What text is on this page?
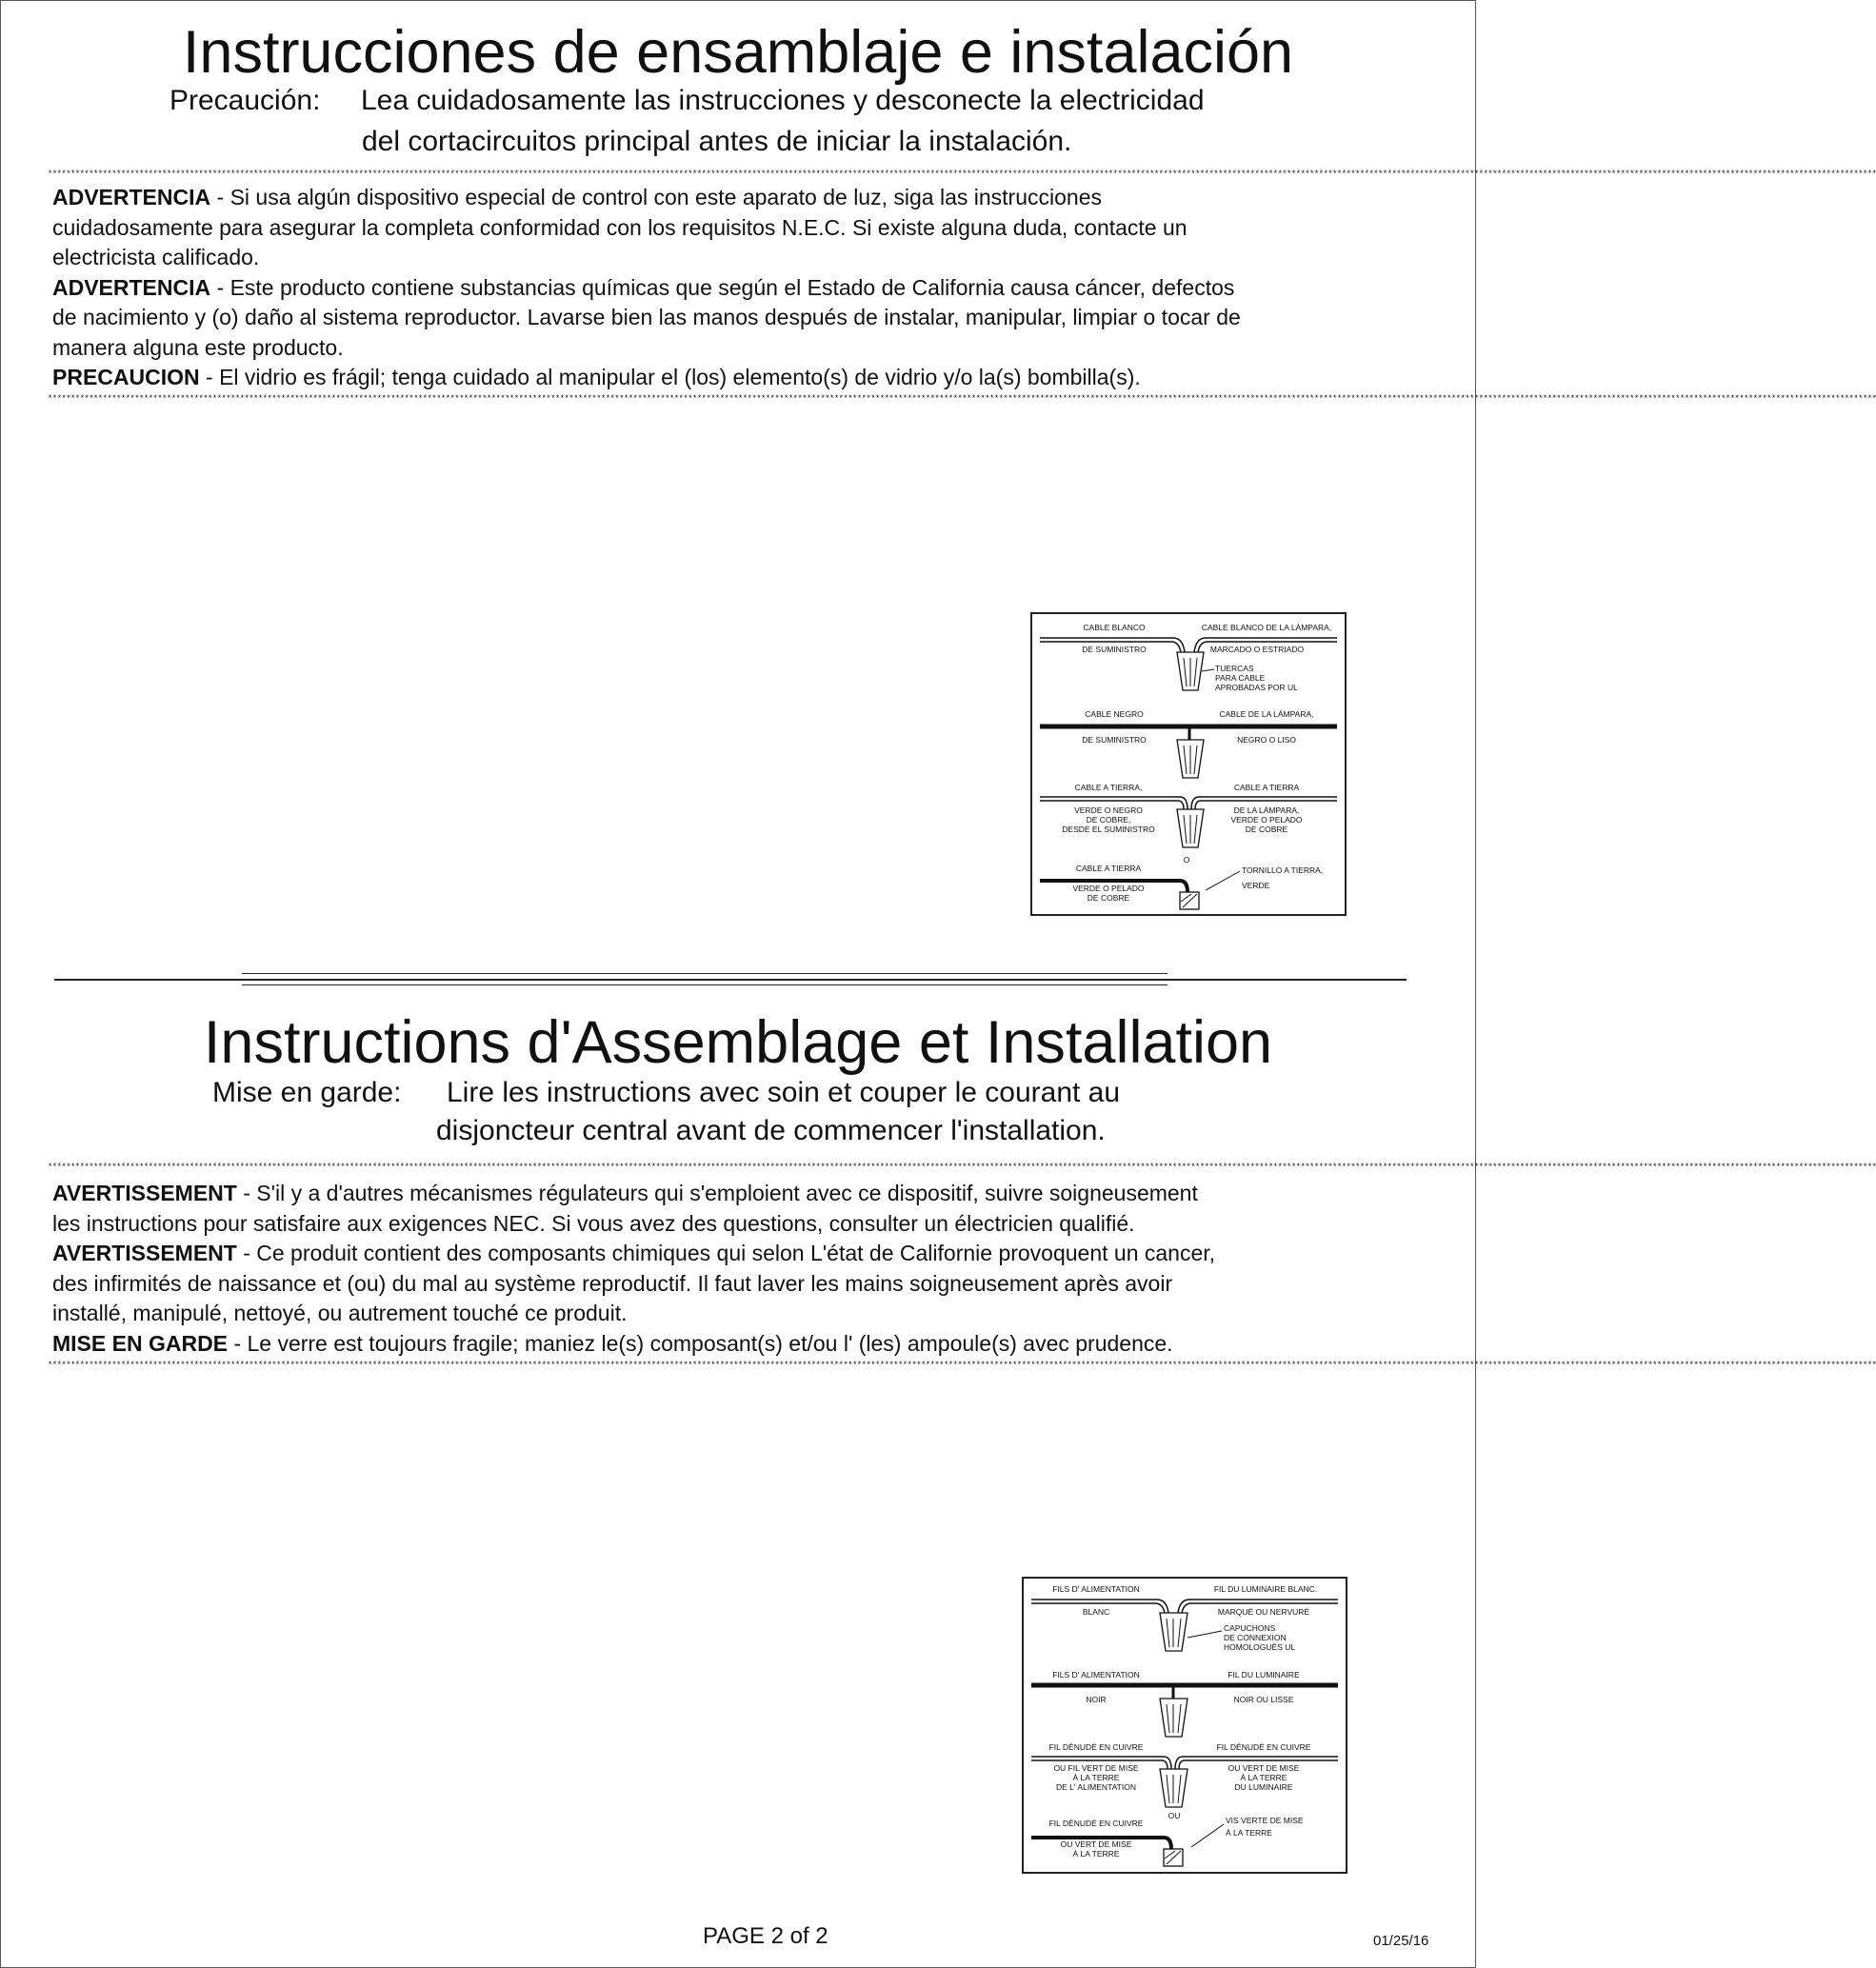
Instrucciones de ensamblaje e instalación
Precaución: Lea cuidadosamente las instrucciones y desconecte la electricidad
del cortacircuitos principal antes de iniciar la instalación.
****************************************************************************************************************************************************************************************************************************************************************************************************************************************************************************************************************
ADVERTENCIA - Si usa algún dispositivo especial de control con este aparato de luz, siga las instrucciones
cuidadosamente para asegurar la completa conformidad con los requisitos N.E.C. Si existe alguna duda, contacte un
electricista calificado.
ADVERTENCIA - Este producto contiene substancias químicas que según el Estado de California causa cáncer, defectos
de nacimiento y (o) daño al sistema reproductor. Lavarse bien las manos después de instalar, manipular, limpiar o tocar de
manera alguna este producto.
PRECAUCION - El vidrio es frágil; tenga cuidado al manipular el (los) elemento(s) de vidrio y/o la(s) bombilla(s).
****************************************************************************************************************************************************************************************************************************************************************************************************************************************************************************************************************
CABLE BLANCO	CABLE BLANCO DE LA LÁMPARA,
DE SUMINISTRO	MARCADO O ESTRIADO
TUERCAS
PARA CABLE
APROBADAS POR UL
CABLE NEGRO	CABLE DE LA LÁMPARA,
DE SUMINISTRO	NEGRO O LISO
CABLE A TIERRA,	CABLE A TIERRA
VERDE O NEGRO
DE COBRE,
DESDE EL SUMINISTRO
DE LA LÁMPARA,
VERDE O PELADO
DE COBRE
O
CABLE A TIERRA
VERDE O PELADO
DE COBRE
TORNILLO A TIERRA,
VERDE
Instructions d'Assemblage et Installation
Mise en garde: Lire les instructions avec soin et couper le courant au
disjoncteur central avant de commencer l'installation.
****************************************************************************************************************************************************************************************************************************************************************************************************************************************************************************************************************
AVERTISSEMENT - S'il y a d'autres mécanismes régulateurs qui s'emploient avec ce dispositif, suivre soigneusement
les instructions pour satisfaire aux exigences NEC. Si vous avez des questions, consulter un électricien qualifié.
AVERTISSEMENT - Ce produit contient des composants chimiques qui selon L'état de Californie provoquent un cancer,
des infirmités de naissance et (ou) du mal au système reproductif. Il faut laver les mains soigneusement après avoir
installé, manipulé, nettoyé, ou autrement touché ce produit.
MISE EN GARDE - Le verre est toujours fragile; maniez le(s) composant(s) et/ou l' (les) ampoule(s) avec prudence.
****************************************************************************************************************************************************************************************************************************************************************************************************************************************************************************************************************
FILS D' ALIMENTATION	FIL DU LUMINAIRE BLANC.
BLANC	MARQUÉ OU NERVURÉ
CAPUCHONS
DE CONNEXION
HOMOLOGUÉS UL
FILS D' ALIMENTATION	FIL DU LUMINAIRE
NOIR	NOIR OU LISSE
FIL DÉNUDÉ EN CUIVRE	FIL DÉNUDÉ EN CUIVRE
OU FIL VERT DE MISE
À LA TERRE
DE L' ALIMENTATION
OU VERT DE MISE
À LA TERRE
DU LUMINAIRE
OU
FIL DÉNUDÉ EN CUIVRE
OU VERT DE MISE
À LA TERRE
VIS VERTE DE MISE
À LA TERRE
PAGE 2 of 2	01/25/16
